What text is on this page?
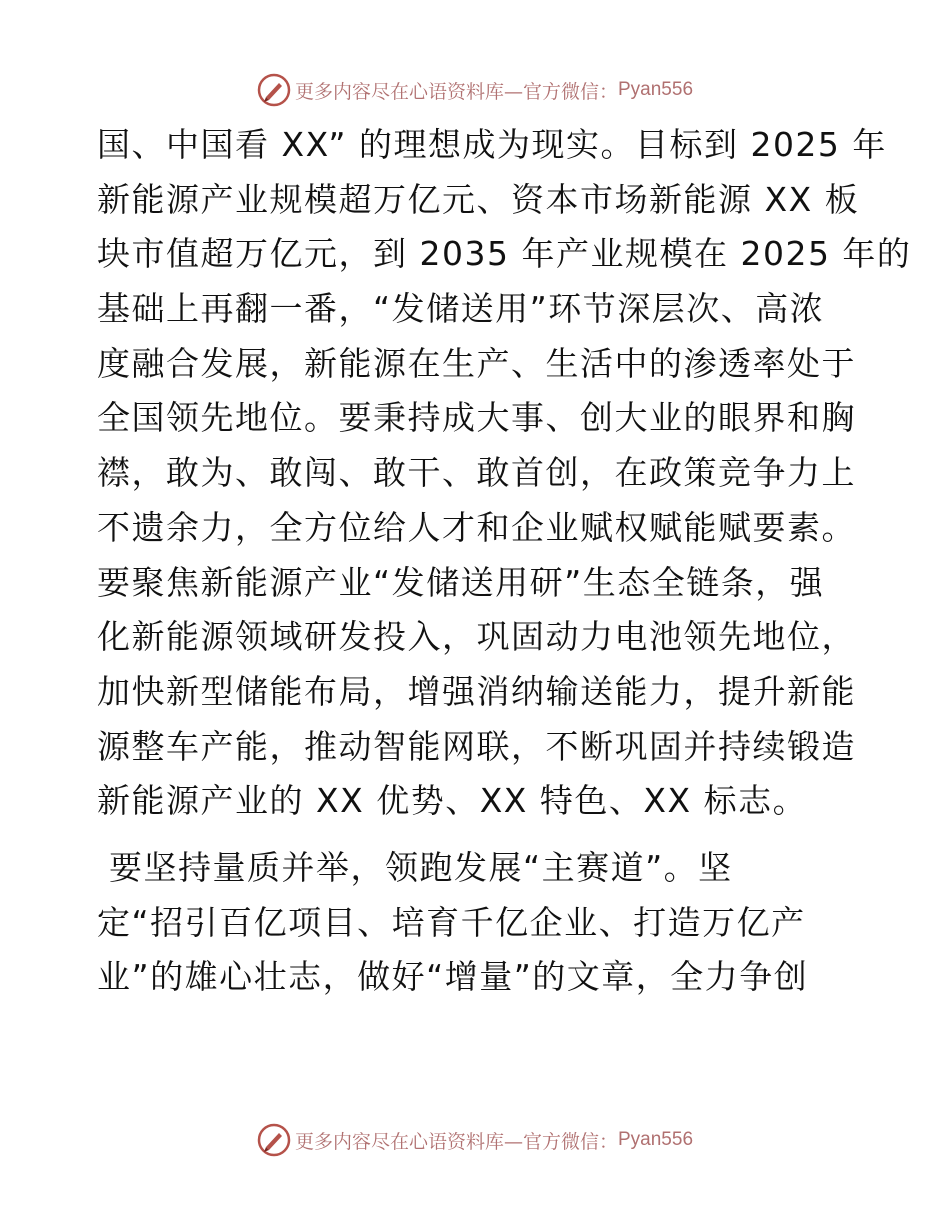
更多内容尽在心语资料库—官方微信： Pyan556
国、中国看 XX” 的理想成为现实。目标到 2025 年
新能源产业规模超万亿元、资本市场新能源 XX 板
块市值超万亿元，到 2035 年产业规模在 2025 年的
基础上再翻一番，“发储送用”环节深层次、高浓
度融合发展，新能源在生产、生活中的渗透率处于
全国领先地位。要秉持成大事、创大业的眼界和胸
襟，敢为、敢闯、敢干、敢首创，在政策竞争力上
不遗余力，全方位给人才和企业赋权赋能赋要素。
要聚焦新能源产业“发储送用研”生态全链条，强
化新能源领域研发投入，巩固动力电池领先地位，
加快新型储能布局，增强消纳输送能力，提升新能
源整车产能，推动智能网联，不断巩固并持续锻造
新能源产业的 XX 优势、XX 特色、XX 标志。
要坚持量质并举，领跑发展“主赛道”。坚
定“招引百亿项目、培育千亿企业、打造万亿产
业”的雄心壮志，做好“增量”的文章，全力争创
更多内容尽在心语资料库—官方微信： Pyan556
